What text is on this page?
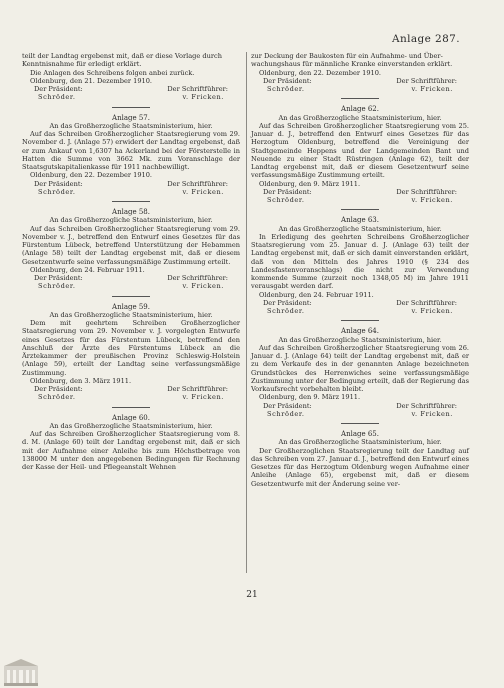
Anlage 287.

teilt der Landtag ergebenst mit, daß er diese Vorlage durch

Kenntnisnahme für erledigt erklärt.

Die Anlagen des Schreibens folgen anbei zurück.

Oldenburg, den 21. Dezember 1910.

Der Präsident:	Der Schriftführer:
Schröder.	v. Fricken.

Anlage 57.

An das Großherzogliche Staatsministerium, hier.

Auf das Schreiben Großherzoglicher Staatsregierung vom 29. November d. J. (Anlage 57) erwidert der Landtag ergebenst, daß er zum Ankauf von 1,6307 ha Ackerland bei der Försterstelle in Hatten die Summe von 3662 Mk. zum Voranschlage der Staatsgutskapitalienkasse für 1911 nachbewilligt.

Oldenburg, den 22. Dezember 1910.

Der Präsident:	Der Schriftführer:
Schröder.	v. Fricken.

Anlage 58.

An das Großherzogliche Staatsministerium, hier.

Auf das Schreiben Großherzoglicher Staatsregierung vom 29. November v. J., betreffend den Entwurf eines Gesetzes für das Fürstentum Lübeck, betreffend Unterstützung der Hebammen (Anlage 58) teilt der Landtag ergebenst mit, daß er diesem Gesetzentwurfe seine verfassungsmäßige Zustimmung erteilt.

Oldenburg, den 24. Februar 1911.

Der Präsident:	Der Schriftführer:
Schröder.	v. Fricken.

Anlage 59.

An das Großherzogliche Staatsministerium, hier.

Dem mit geehrtem Schreiben Großherzoglicher Staatsregierung vom 29. November v. J. vorgelegten Entwurfe eines Gesetzes für das Fürstentum Lübeck, betreffend den Anschluß der Ärzte des Fürstentums Lübeck an die Ärztekammer der preußischen Provinz Schleswig-Holstein (Anlage 59), erteilt der Landtag seine verfassungsmäßige Zustimmung.

Oldenburg, den 3. März 1911.

Der Präsident:	Der Schriftführer:
Schröder.	v. Fricken.

Anlage 60.

An das Großherzogliche Staatsministerium, hier.

Auf das Schreiben Großherzoglicher Staatsregierung vom 8. d. M. (Anlage 60) teilt der Landtag ergebenst mit, daß er sich mit der Aufnahme einer Anleihe bis zum Höchstbetrage von 138000 M unter den angegebenen Bedingungen für Rechnung der Kasse der Heil- und Pflegeanstalt Wehnen

zur Deckung der Baukosten für ein Aufnahme- und Über-

wachungshaus für männliche Kranke einverstanden erklärt.

Oldenburg, den 22. Dezember 1910.

Der Präsident:	Der Schriftführer:
Schröder.	v. Fricken.

Anlage 62.

An das Großherzogliche Staatsministerium, hier.

Auf das Schreiben Großherzoglicher Staatsregierung vom 25. Januar d. J., betreffend den Entwurf eines Gesetzes für das Herzogtum Oldenburg, betreffend die Vereinigung der Stadtgemeinde Heppens und der Landgemeinden Bant und Neuende zu einer Stadt Rüstringen (Anlage 62), teilt der Landtag ergebenst mit, daß er diesem Gesetzentwurf seine verfassungsmäßige Zustimmung erteilt.

Oldenburg, den 9. März 1911.

Der Präsident:	Der Schriftführer:
Schröder.	v. Fricken.

Anlage 63.

An das Großherzogliche Staatsministerium, hier.

In Erledigung des geehrten Schreibens Großherzoglicher Staatsregierung vom 25. Januar d. J. (Anlage 63) teilt der Landtag ergebenst mit, daß er sich damit einverstanden erklärt, daß von den Mitteln des Jahres 1910 (§ 234 des Landesfastenvoranschlags) die nicht zur Verwendung kommende Summe (zurzeit noch 1348,05 M) im Jahre 1911 verausgabt werden darf.

Oldenburg, den 24. Februar 1911.

Der Präsident:	Der Schriftführer:
Schröder.	v. Fricken.

Anlage 64.

An das Großherzogliche Staatsministerium, hier.

Auf das Schreiben Großherzoglicher Staatsregierung vom 26. Januar d. J. (Anlage 64) teilt der Landtag ergebenst mit, daß er zu dem Verkaufe des in der genannten Anlage bezeichneten Grundstückes des Herrenwiches seine verfassungsmäßige Zustimmung unter der Bedingung erteilt, daß der Regierung das Vorkaufsrecht vorbehalten bleibt.

Oldenburg, den 9. März 1911.

Der Präsident:	Der Schriftführer:
Schröder.	v. Fricken.

Anlage 65.

An das Großherzogliche Staatsministerium, hier.

Der Großherzoglichen Staatsregierung teilt der Landtag auf das Schreiben vom 27. Januar d. J., betreffend den Entwurf eines Gesetzes für das Herzogtum Oldenburg wegen Aufnahme einer Anleihe (Anlage 65), ergebenst mit, daß er diesem Gesetzentwurfe mit der Änderung seine ver-

21
